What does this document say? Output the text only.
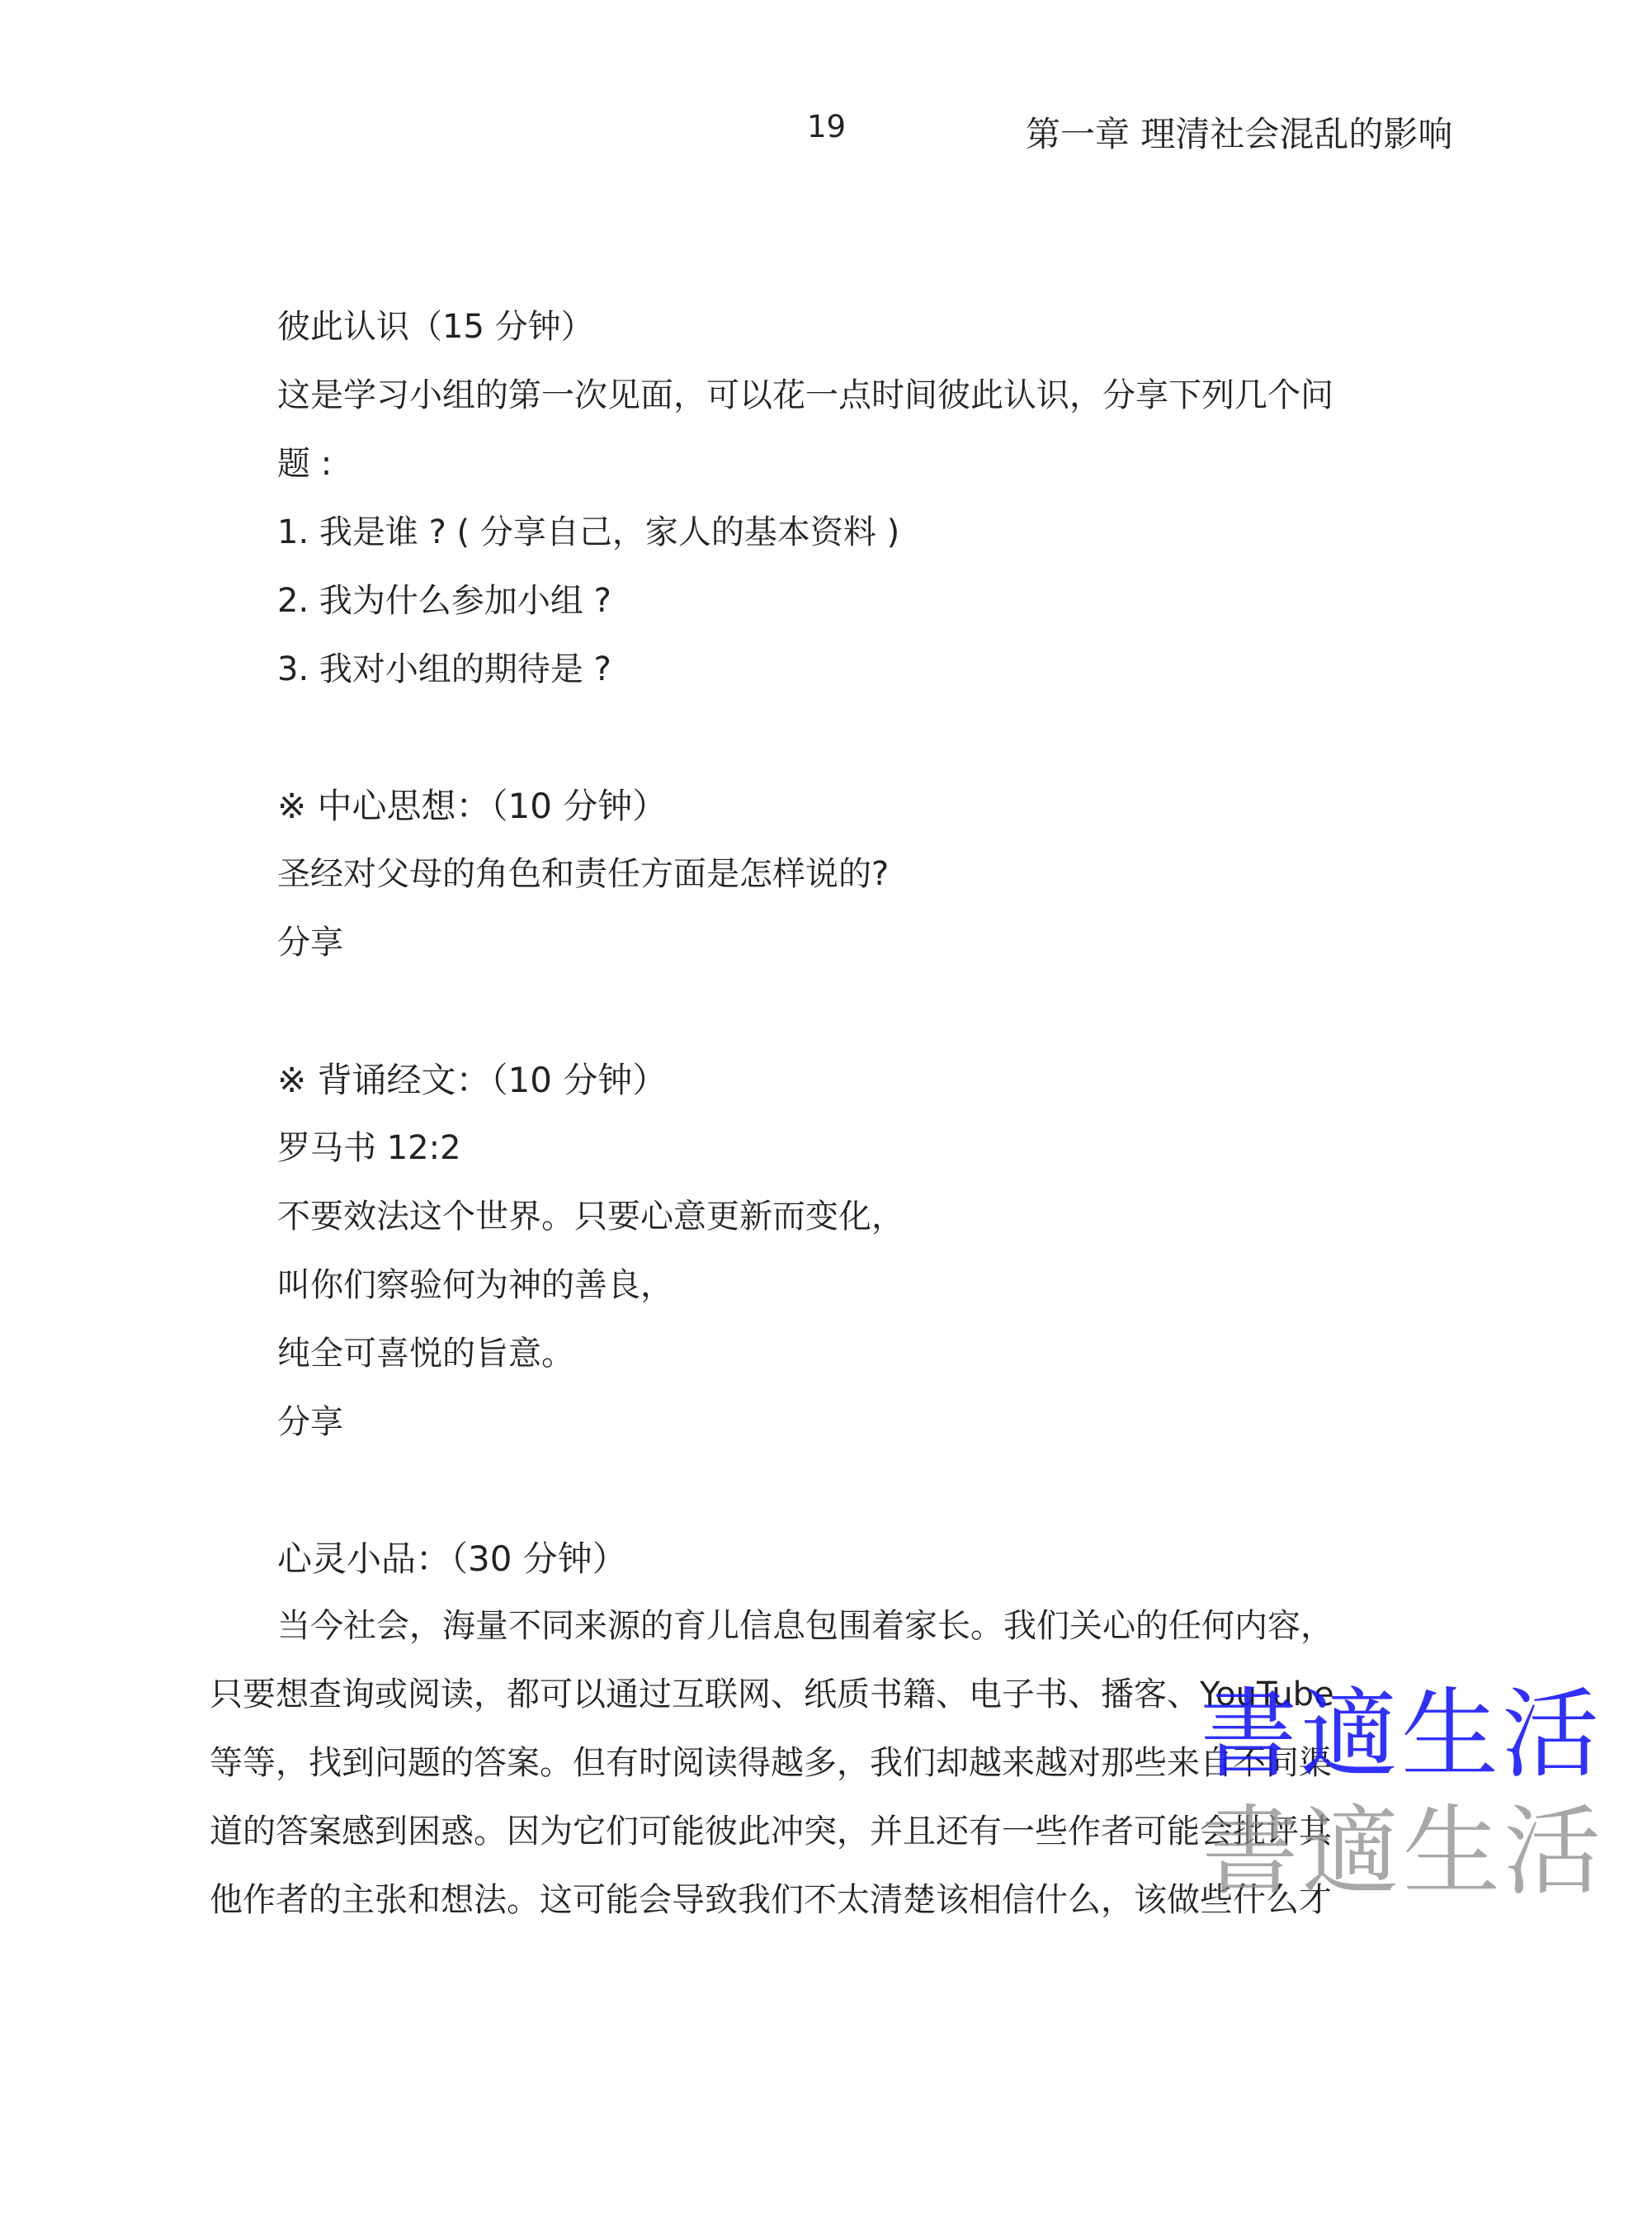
19	第一章 理清社会混乱的影响
彼此认识（15 分钟）
这是学习小组的第一次见面，可以花一点时间彼此认识，分享下列几个问
题 :
1. 我是谁 ? ( 分享自己，家人的基本资料 )
2. 我为什么参加小组 ?
3. 我对小组的期待是 ?
※ 中心思想：（10 分钟）
圣经对父母的角色和责任方面是怎样说的?
分享
※ 背诵经文：（10 分钟）
罗马书 12:2
不要效法这个世界。只要心意更新而变化，
叫你们察验何为神的善良，
纯全可喜悦的旨意。
分享
心灵小品：（30 分钟）
当今社会，海量不同来源的育儿信息包围着家长。我们关心的任何内容，
只要想查询或阅读，都可以通过互联网、纸质书籍、电子书、播客、YouTube
等等，找到问题的答案。但有时阅读得越多，我们却越来越对那些来自不同渠
道的答案感到困惑。因为它们可能彼此冲突，并且还有一些作者可能会批评其
他作者的主张和想法。这可能会导致我们不太清楚该相信什么，该做些什么才
書適生活
書適生活
